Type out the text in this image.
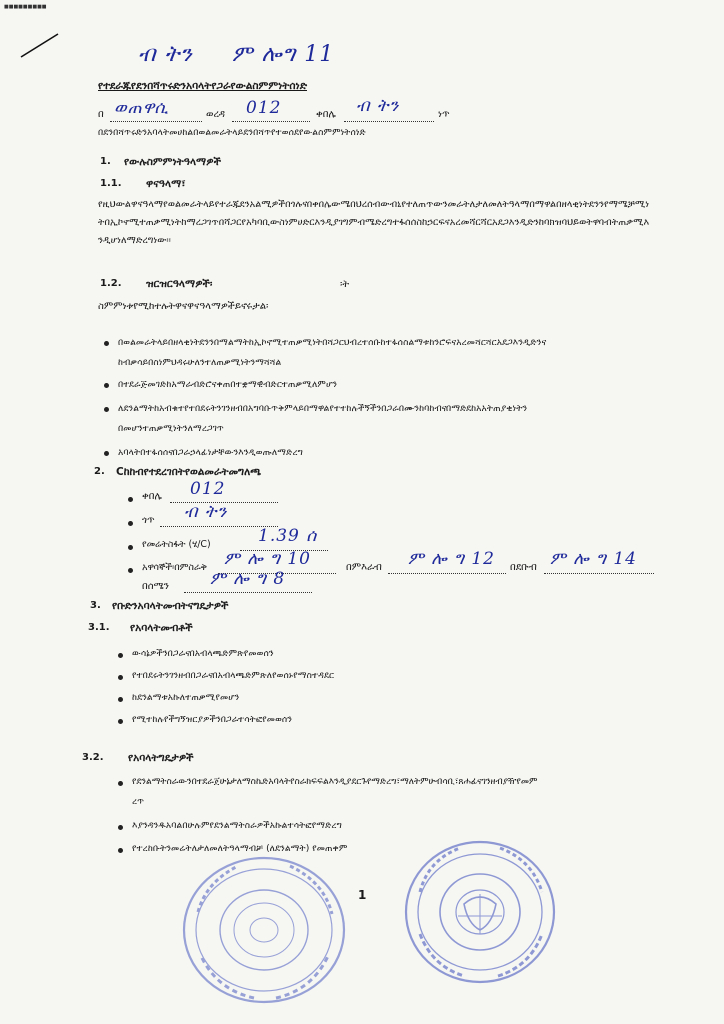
■■■■■■■■■
ብ ትን ም ሎግ 11
የተደራጁየደንበሻጥሩድንአባላትየጋራየውልስምምነትሰነድ
በ ወጠዋሲ	ወረዳ 012	ቀበሌ ብ ትን	ነጥ
በደንበሻጥሩድንአባላትመሀከልበወልመራትላይደንበሻጥየተወሰደየውልስምምነትሰነድ
1. የውሉስምምነትዓላማዎች
1.1. ዋናዓላማ፣
የዚህውልዋናዓላማየወልመራትላይየተራጁደንአልሚዎችበጎሉናበቀበሌውሜበህረሰብውብኒየተለጠጥውንመራትለታለመለትዓላማበማዋልበዘላቂነትደንንየማሜቻሚነትበኢኮኖሚተጠቃሚነትከማረጋገጥበሻጋርየአካባቢውስነምሀድርእንዲያገግምብሜድረግተፋሰሰስከኃርፍናአረመሻርሻርአደጋእንዲድንከባክዝባህይወትዋባብትጠቃሚእንዲሆነለማድረግነው፡፡
1.2. ዝርዝርዓላማዎች፡	፡ት
ስምምነቱየሚከተሉትዋናዋናዓላማዎችይኖሩታል፡
በወልመራትላይበዘላቂነትደንንበማልማትከኢኮኖሚተጠቃሚነትበሻጋርህብረተሰቡከተፋሰስልማቱከንሮፍናአረመሻርሻርአደጋእንዲድንና
ከብቃሳይበስነምህዳሩሁለንተለጠቃሚነትንማሻሻል
በተደራጅመገድከአማራብድሮናቀጠበተቋማዊብድርተጠቃሚለምሆን
ለደንልማትከአብቁተየተበደሩትንገንዘብበአግባቡጥቅምላይበማዋልየተተከሉችኝችንበጋራበሙንከባከብናበማድደከአአትጠያቂነትን
በመሆንተጠቃሚነትንለማረጋገጥ
አባላትበተፋሰሰናበጋራኃላፊነታቸውንእንዲወጡለማድረግ
2. Cከከብየተደረገበትየወልመራትመግለጫ
ቀበሌ 012
ጎጥ ብ ትን
የመሬትስፋት (ሄ/C)	1.39 ሰ
አዋሳኞች፡በምስራቅ ም ሎ ግ 10	በምእራብ ም ሎ ግ 12 በደቡብ ም ሎ ግ 14
በሰሜን ም ሎ ግ 8
3. የቡድንአባላትመብትናግዴታዎች
3.1. የአባላትመብቶች
ውሳኔዎችንበጋራናበአብላጫድምጽየመወሰን
የተበደሩትንገንዘብበጋራናበአብላጫድምጽለየወሰኑየማስተዳደር
ከደንልማቱአኩለተጠቃሚየመሆን
የሚተከሉየችግኝዝርያዎችንበጋራተሳትፎየመወሰን
3.2. የአባላትግዴታዎች
የደንልማትስራውንበተደራጀሁኔታለማስኬድአባላትየስራክፍፍልእንዲያደርጉየማድረግ፣ማለትምሁብሳቢ፣ጸሐፊናገንዘብያዥየመም
ረጥ
እያንዳንዱአባልበሁሉምየደንልማትስራዎችአኩልተሳትፎየማድረግ
የተረከቡትንመሬትለታለመለትዓላማብቻ (ለደንልማት) የመጠቀም
1
